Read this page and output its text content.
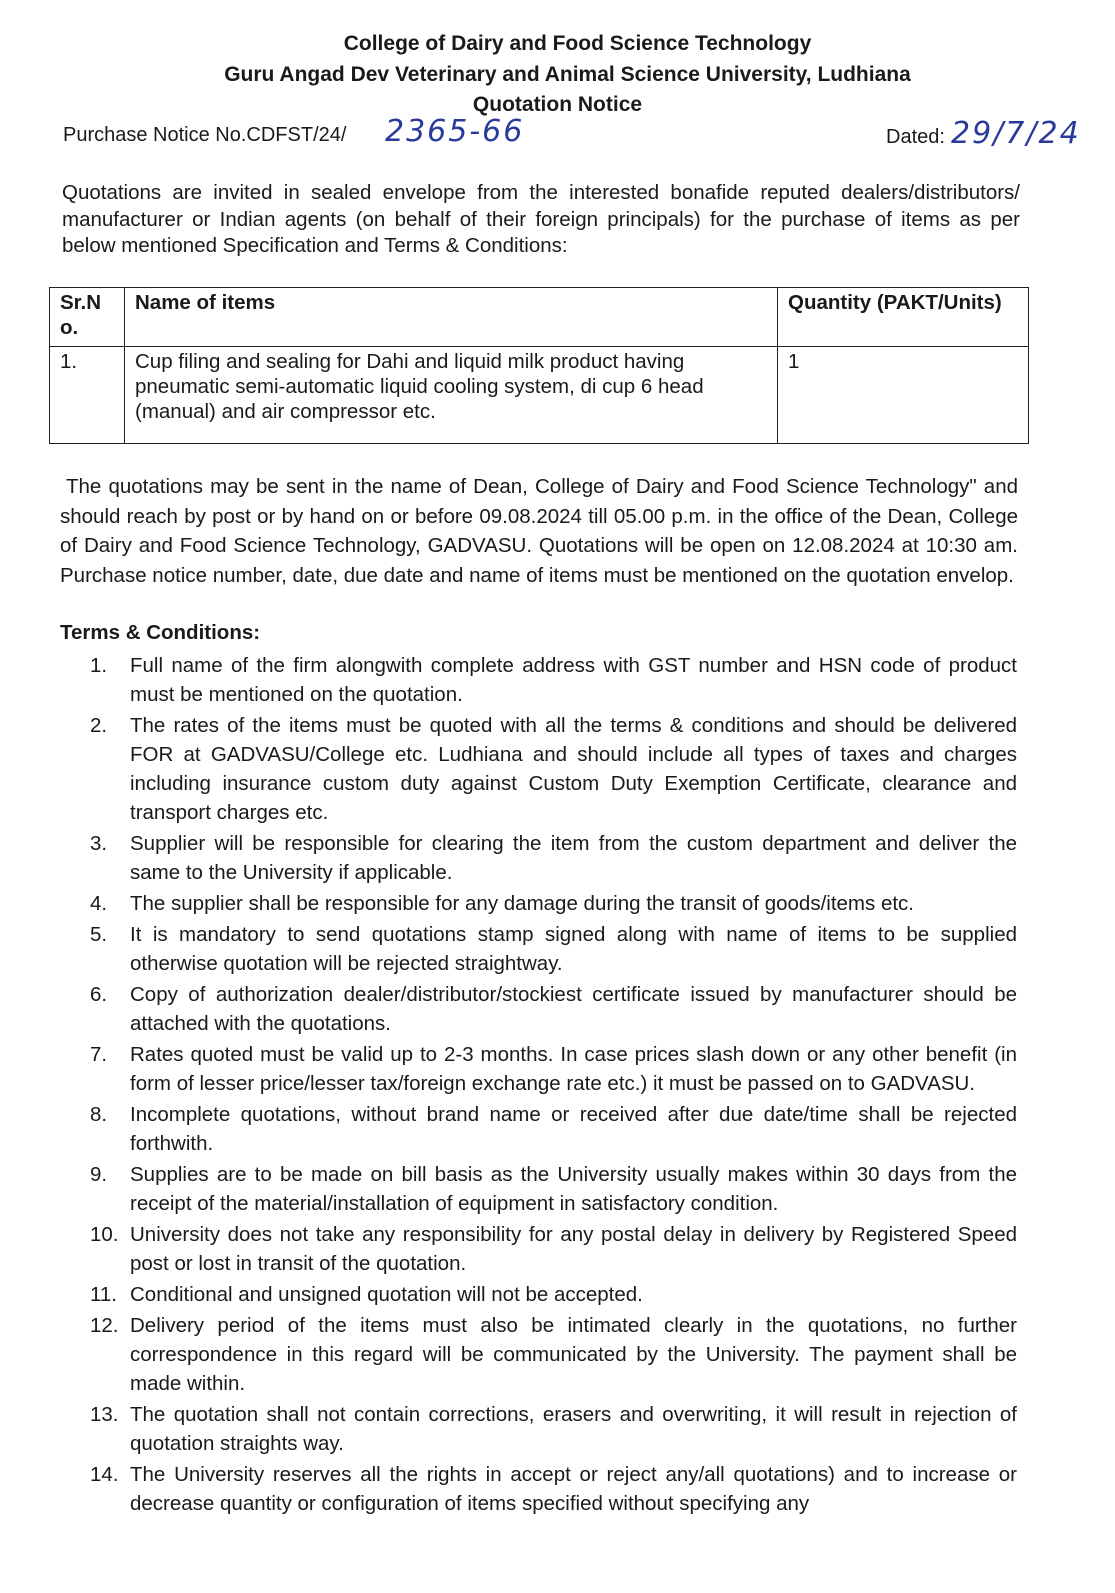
College of Dairy and Food Science Technology
Guru Angad Dev Veterinary and Animal Science University, Ludhiana
Quotation Notice
Purchase Notice No.CDFST/24/ 2365-66	Dated: 29/7/24
Quotations are invited in sealed envelope from the interested bonafide reputed dealers/distributors/ manufacturer or Indian agents (on behalf of their foreign principals) for the purchase of items as per below mentioned Specification and Terms & Conditions:
Sr.N o.	Name of items	Quantity (PAKT/Units)
1.	Cup filing and sealing for Dahi and liquid milk product having pneumatic semi-automatic liquid cooling system, di cup 6 head (manual) and air compressor etc.	1
The quotations may be sent in the name of Dean, College of Dairy and Food Science Technology" and should reach by post or by hand on or before 09.08.2024 till 05.00 p.m. in the office of the Dean, College of Dairy and Food Science Technology, GADVASU. Quotations will be open on 12.08.2024 at 10:30 am. Purchase notice number, date, due date and name of items must be mentioned on the quotation envelop.
Terms & Conditions:
1.	Full name of the firm alongwith complete address with GST number and HSN code of product must be mentioned on the quotation.
2.	The rates of the items must be quoted with all the terms & conditions and should be delivered FOR at GADVASU/College etc. Ludhiana and should include all types of taxes and charges including insurance custom duty against Custom Duty Exemption Certificate, clearance and transport charges etc.
3.	Supplier will be responsible for clearing the item from the custom department and deliver the same to the University if applicable.
4.	The supplier shall be responsible for any damage during the transit of goods/items etc.
5.	It is mandatory to send quotations stamp signed along with name of items to be supplied otherwise quotation will be rejected straightway.
6.	Copy of authorization dealer/distributor/stockiest certificate issued by manufacturer should be attached with the quotations.
7.	Rates quoted must be valid up to 2-3 months. In case prices slash down or any other benefit (in form of lesser price/lesser tax/foreign exchange rate etc.) it must be passed on to GADVASU.
8.	Incomplete quotations, without brand name or received after due date/time shall be rejected forthwith.
9.	Supplies are to be made on bill basis as the University usually makes within 30 days from the receipt of the material/installation of equipment in satisfactory condition.
10. University does not take any responsibility for any postal delay in delivery by Registered Speed post or lost in transit of the quotation.
11. Conditional and unsigned quotation will not be accepted.
12. Delivery period of the items must also be intimated clearly in the quotations, no further correspondence in this regard will be communicated by the University. The payment shall be made within.
13. The quotation shall not contain corrections, erasers and overwriting, it will result in rejection of quotation straights way.
14. The University reserves all the rights in accept or reject any/all quotations) and to increase or decrease quantity or configuration of items specified without specifying any
